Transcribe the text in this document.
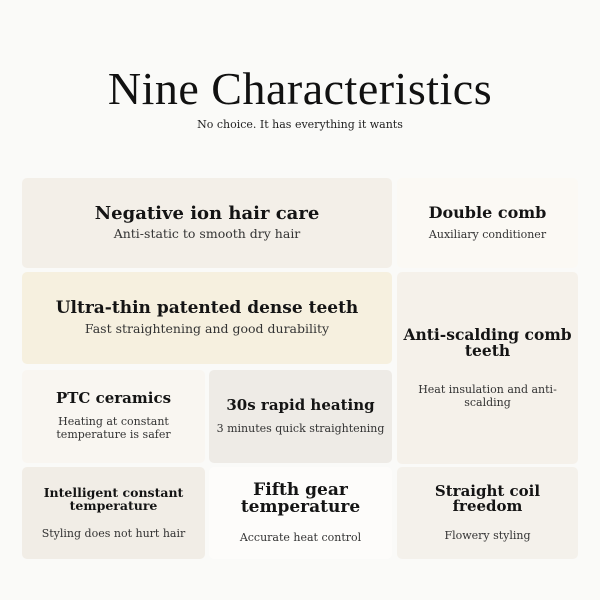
Nine Characteristics
No choice. It has everything it wants
Negative ion hair care
Anti-static to smooth dry hair
Double comb
Auxiliary conditioner
Ultra-thin patented dense teeth
Fast straightening and good durability	Anti-scalding comb teeth
Heat insulation and anti-scalding
PTC ceramics
Heating at constant temperature is safer
30s rapid heating
3 minutes quick straightening
Intelligent constant temperature
Styling does not hurt hair
Fifth gear temperature
Accurate heat control
Straight coil freedom
Flowery styling
